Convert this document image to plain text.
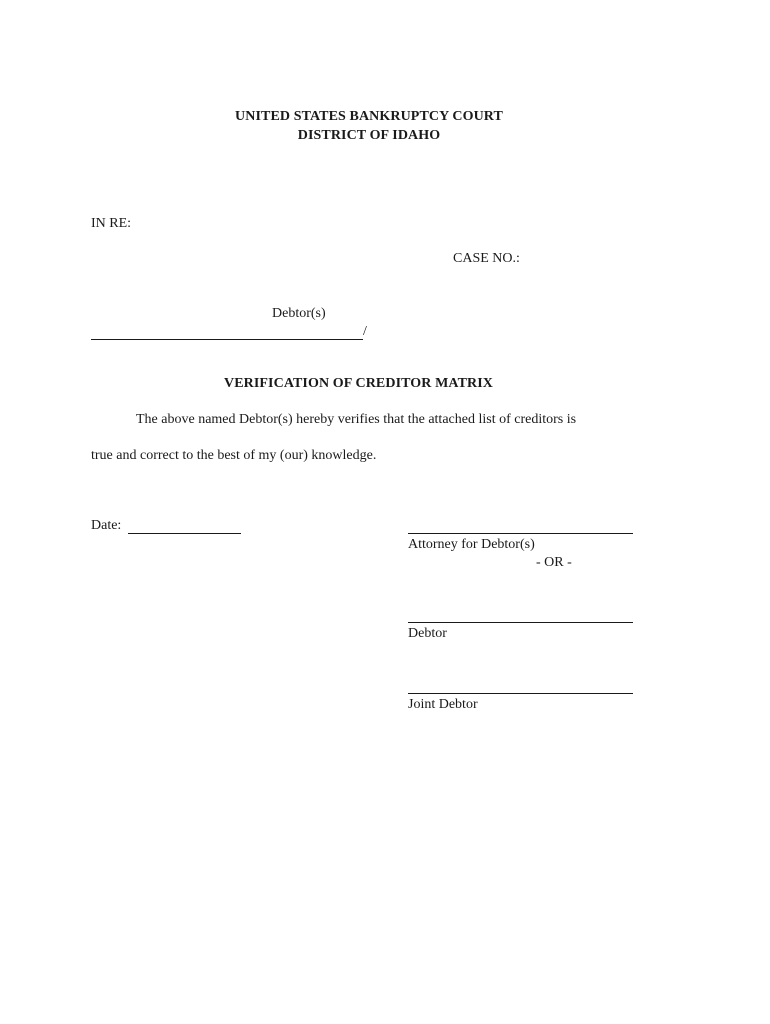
UNITED STATES BANKRUPTCY COURT
DISTRICT OF IDAHO
IN RE:
CASE NO.:
Debtor(s)
/
VERIFICATION OF CREDITOR MATRIX
The above named Debtor(s) hereby verifies that the attached list of creditors is
true and correct to the best of my (our) knowledge.
Date:
Attorney for Debtor(s)
- OR -
Debtor
Joint Debtor
